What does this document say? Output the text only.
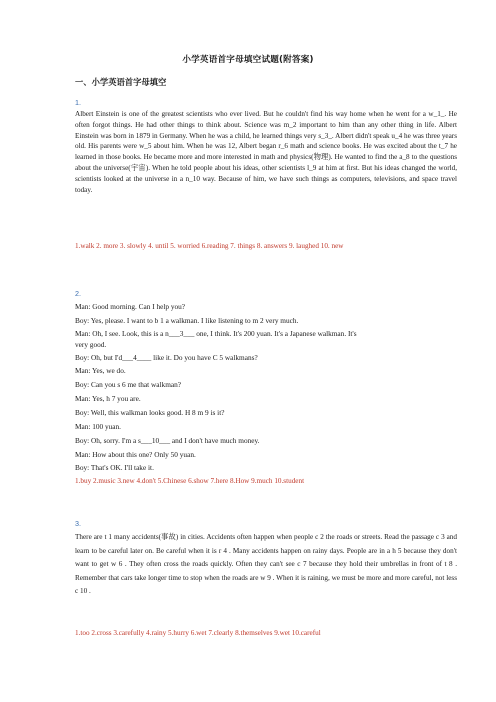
小学英语首字母填空试题(附答案)
一、小学英语首字母填空
1.
Albert Einstein is one of the greatest scientists who ever lived. But he couldn't find his way home when he went for a w_1_. He often forgot things. He had other things to think about. Science was m_2 important to him than any other thing in life. Albert Einstein was born in 1879 in Germany. When he was a child, he learned things very s_3_. Albert didn't speak u_4 he was three years old. His parents were w_5 about him. When he was 12, Albert began r_6 math and science books. He was excited about the t_7 he learned in those books. He became more and more interested in math and physics(物理). He wanted to find the a_8 to the questions about the universe(宇宙). When he told people about his ideas, other scientists l_9 at him at first. But his ideas changed the world, scientists looked at the universe in a n_10 way. Because of him, we have such things as computers, televisions, and space travel today.
1.walk 2. more 3. slowly 4. until 5. worried 6.reading 7. things 8. answers 9. laughed 10. new
2.
Man: Good morning. Can I help you?
Boy: Yes, please. I want to b 1 a walkman. I like listening to m 2 very much.
Man: Oh, I see. Look, this is a n___3___ one, I think. It's 200 yuan. It's a Japanese walkman. It's
very good.
Boy: Oh, but I'd___4____ like it. Do you have C 5 walkmans?
Man: Yes, we do.
Boy: Can you s 6 me that walkman?
Man: Yes, h 7 you are.
Boy: Well, this walkman looks good. H 8 m 9 is it?
Man: 100 yuan.
Boy: Oh, sorry. I'm a s___10___ and I don't have much money.
Man: How about this one? Only 50 yuan.
Boy: That's OK. I'll take it.
1.buy 2.music 3.new 4.don't 5.Chinese 6.show 7.here 8.How 9.much 10.student
3.
There are t 1 many accidents(事故) in cities. Accidents often happen when people c 2 the roads or streets. Read the passage c 3 and learn to be careful later on. Be careful when it is r 4 . Many accidents happen on rainy days. People are in a h 5 because they don't want to get w 6 . They often cross the roads quickly. Often they can't see c 7 because they hold their umbrellas in front of t 8 . Remember that cars take longer time to stop when the roads are w 9 . When it is raining, we must be more and more careful, not less c 10 .
1.too 2.cross 3.carefully 4.rainy 5.hurry 6.wet 7.clearly 8.themselves 9.wet 10.careful
